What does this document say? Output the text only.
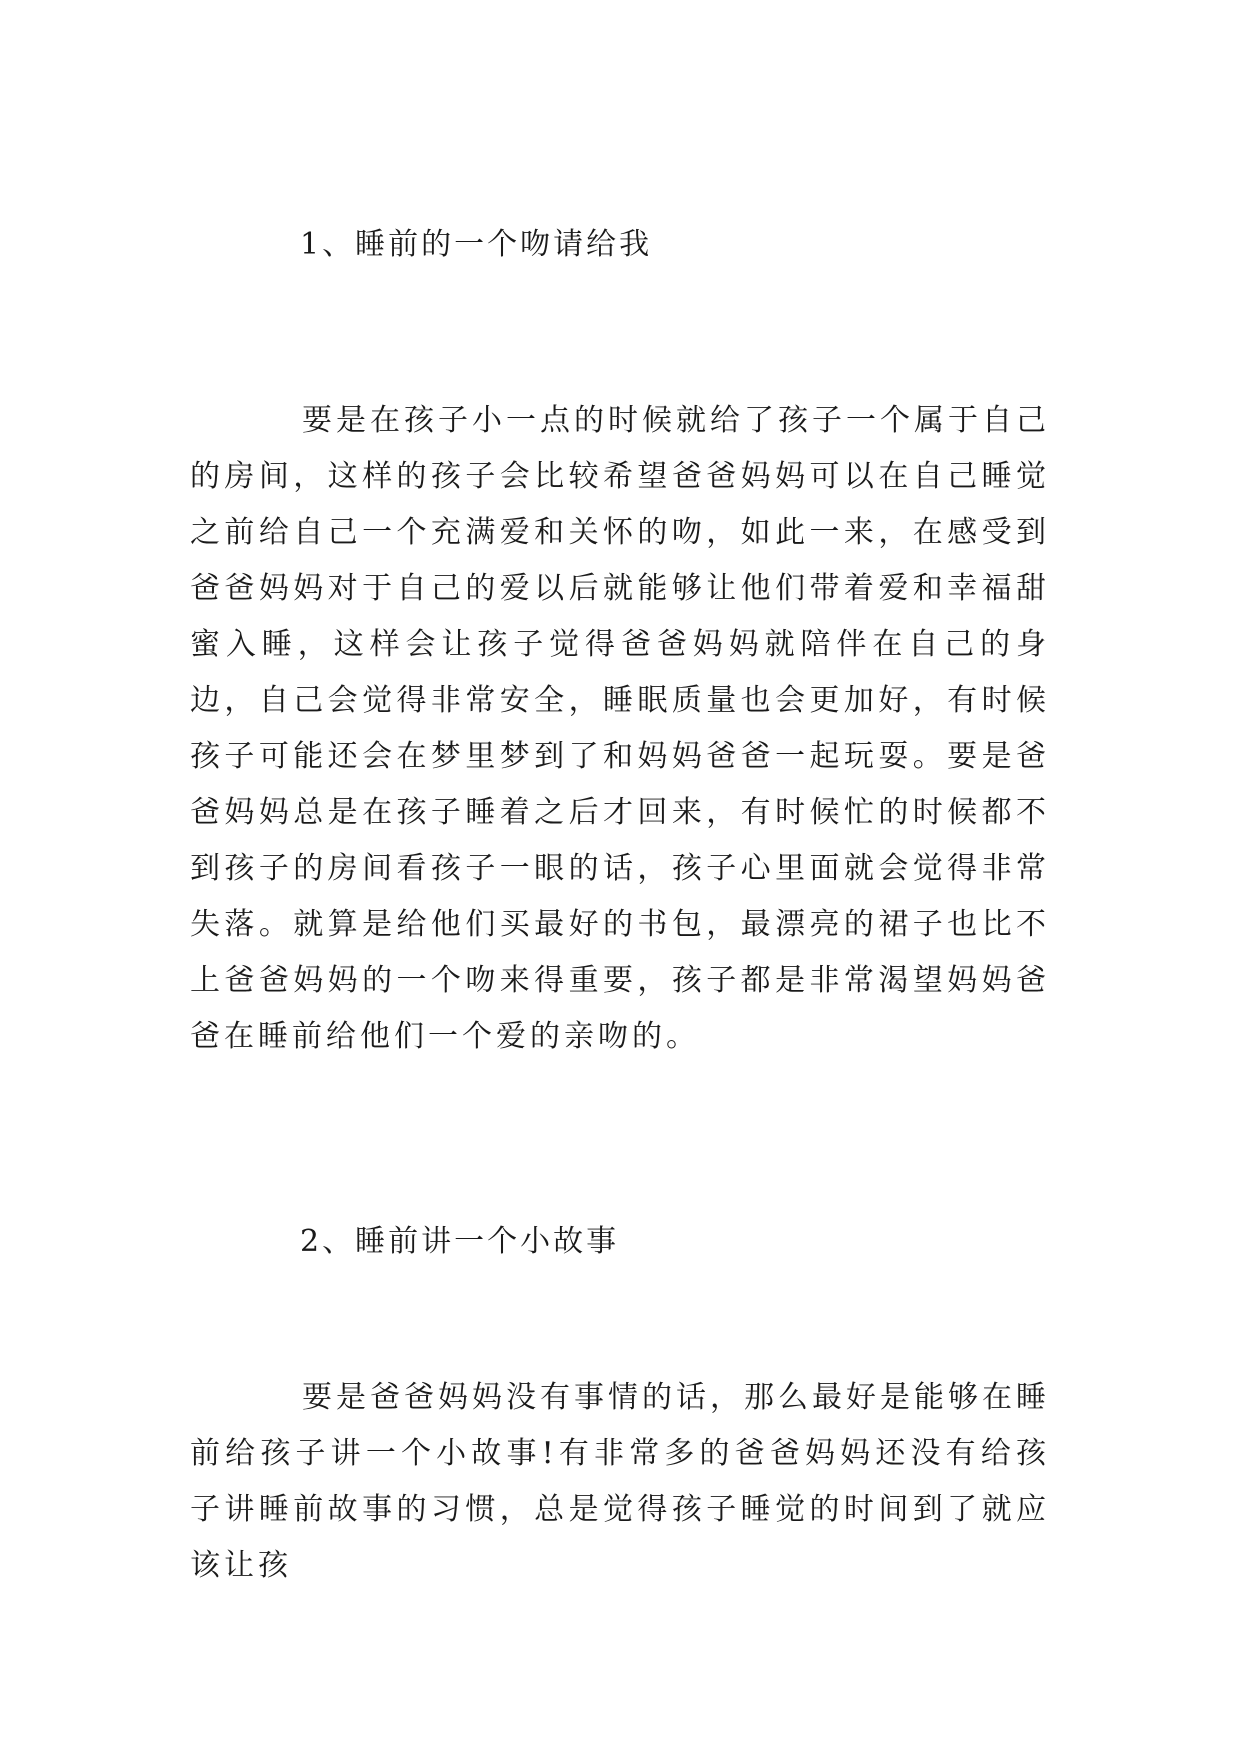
1、睡前的一个吻请给我

要是在孩子小一点的时候就给了孩子一个属于自己的房间，这样的孩子会比较希望爸爸妈妈可以在自己睡觉之前给自己一个充满爱和关怀的吻，如此一来，在感受到爸爸妈妈对于自己的爱以后就能够让他们带着爱和幸福甜蜜入睡，这样会让孩子觉得爸爸妈妈就陪伴在自己的身边，自己会觉得非常安全，睡眠质量也会更加好，有时候孩子可能还会在梦里梦到了和妈妈爸爸一起玩耍。要是爸爸妈妈总是在孩子睡着之后才回来，有时候忙的时候都不到孩子的房间看孩子一眼的话，孩子心里面就会觉得非常失落。就算是给他们买最好的书包，最漂亮的裙子也比不上爸爸妈妈的一个吻来得重要，孩子都是非常渴望妈妈爸爸在睡前给他们一个爱的亲吻的。

2、睡前讲一个小故事

要是爸爸妈妈没有事情的话，那么最好是能够在睡前给孩子讲一个小故事!有非常多的爸爸妈妈还没有给孩子讲睡前故事的习惯，总是觉得孩子睡觉的时间到了就应该让孩
